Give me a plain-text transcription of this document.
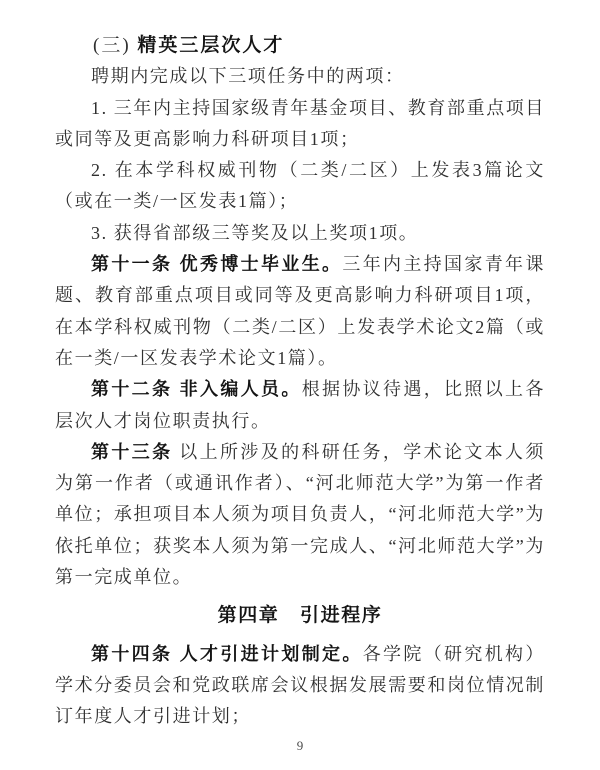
(三) 精英三层次人才

聘期内完成以下三项任务中的两项：

1. 三年内主持国家级青年基金项目、教育部重点项目或同等及更高影响力科研项目1项；

2. 在本学科权威刊物（二类/二区）上发表3篇论文（或在一类/一区发表1篇）；

3. 获得省部级三等奖及以上奖项1项。

第十一条 优秀博士毕业生。三年内主持国家青年课题、教育部重点项目或同等及更高影响力科研项目1项，在本学科权威刊物（二类/二区）上发表学术论文2篇（或在一类/一区发表学术论文1篇）。

第十二条 非入编人员。根据协议待遇，比照以上各层次人才岗位职责执行。

第十三条 以上所涉及的科研任务，学术论文本人须为第一作者（或通讯作者）、“河北师范大学”为第一作者单位；承担项目本人须为项目负责人，“河北师范大学”为依托单位；获奖本人须为第一完成人、“河北师范大学”为第一完成单位。

第四章　引进程序

第十四条 人才引进计划制定。各学院（研究机构）学术分委员会和党政联席会议根据发展需要和岗位情况制订年度人才引进计划；

9
